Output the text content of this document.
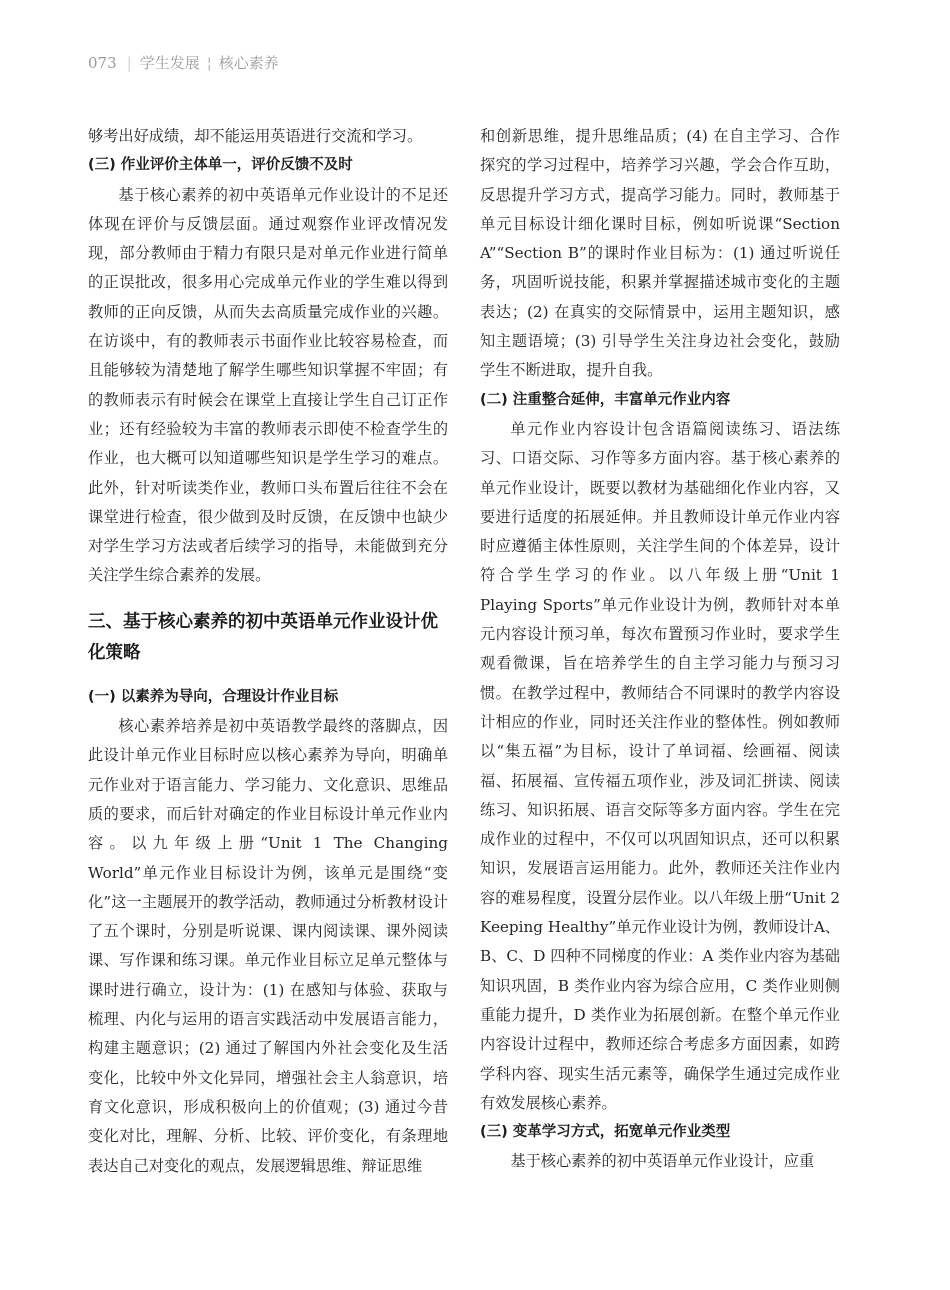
073 | 学生发展 ¦ 核心素养

够考出好成绩，却不能运用英语进行交流和学习。

(三) 作业评价主体单一，评价反馈不及时

基于核心素养的初中英语单元作业设计的不足还体现在评价与反馈层面。通过观察作业评改情况发现，部分教师由于精力有限只是对单元作业进行简单的正误批改，很多用心完成单元作业的学生难以得到教师的正向反馈，从而失去高质量完成作业的兴趣。在访谈中，有的教师表示书面作业比较容易检查，而且能够较为清楚地了解学生哪些知识掌握不牢固；有的教师表示有时候会在课堂上直接让学生自己订正作业；还有经验较为丰富的教师表示即使不检查学生的作业，也大概可以知道哪些知识是学生学习的难点。此外，针对听读类作业，教师口头布置后往往不会在课堂进行检查，很少做到及时反馈，在反馈中也缺少对学生学习方法或者后续学习的指导，未能做到充分关注学生综合素养的发展。

三、基于核心素养的初中英语单元作业设计优化策略
(一) 以素养为导向，合理设计作业目标

核心素养培养是初中英语教学最终的落脚点，因此设计单元作业目标时应以核心素养为导向，明确单元作业对于语言能力、学习能力、文化意识、思维品质的要求，而后针对确定的作业目标设计单元作业内容。以九年级上册“Unit 1 The Changing World”单元作业目标设计为例，该单元是围绕“变化”这一主题展开的教学活动，教师通过分析教材设计了五个课时，分别是听说课、课内阅读课、课外阅读课、写作课和练习课。单元作业目标立足单元整体与课时进行确立，设计为：(1) 在感知与体验、获取与梳理、内化与运用的语言实践活动中发展语言能力，构建主题意识；(2) 通过了解国内外社会变化及生活变化，比较中外文化异同，增强社会主人翁意识，培育文化意识，形成积极向上的价值观；(3) 通过今昔变化对比，理解、分析、比较、评价变化，有条理地表达自己对变化的观点，发展逻辑思维、辩证思维

和创新思维，提升思维品质；(4) 在自主学习、合作探究的学习过程中，培养学习兴趣，学会合作互助，反思提升学习方式，提高学习能力。同时，教师基于单元目标设计细化课时目标，例如听说课“Section A”“Section B”的课时作业目标为：(1) 通过听说任务，巩固听说技能，积累并掌握描述城市变化的主题表达；(2) 在真实的交际情景中，运用主题知识，感知主题语境；(3) 引导学生关注身边社会变化，鼓励学生不断进取，提升自我。

(二) 注重整合延伸，丰富单元作业内容

单元作业内容设计包含语篇阅读练习、语法练习、口语交际、习作等多方面内容。基于核心素养的单元作业设计，既要以教材为基础细化作业内容，又要进行适度的拓展延伸。并且教师设计单元作业内容时应遵循主体性原则，关注学生间的个体差异，设计符合学生学习的作业。以八年级上册“Unit 1 Playing Sports”单元作业设计为例，教师针对本单元内容设计预习单，每次布置预习作业时，要求学生观看微课，旨在培养学生的自主学习能力与预习习惯。在教学过程中，教师结合不同课时的教学内容设计相应的作业，同时还关注作业的整体性。例如教师以“集五福”为目标，设计了单词福、绘画福、阅读福、拓展福、宣传福五项作业，涉及词汇拼读、阅读练习、知识拓展、语言交际等多方面内容。学生在完成作业的过程中，不仅可以巩固知识点，还可以积累知识，发展语言运用能力。此外，教师还关注作业内容的难易程度，设置分层作业。以八年级上册“Unit 2 Keeping Healthy”单元作业设计为例，教师设计A、B、C、D 四种不同梯度的作业：A 类作业内容为基础知识巩固，B 类作业内容为综合应用，C 类作业则侧重能力提升，D 类作业为拓展创新。在整个单元作业内容设计过程中，教师还综合考虑多方面因素，如跨学科内容、现实生活元素等，确保学生通过完成作业有效发展核心素养。

(三) 变革学习方式，拓宽单元作业类型

基于核心素养的初中英语单元作业设计，应重
